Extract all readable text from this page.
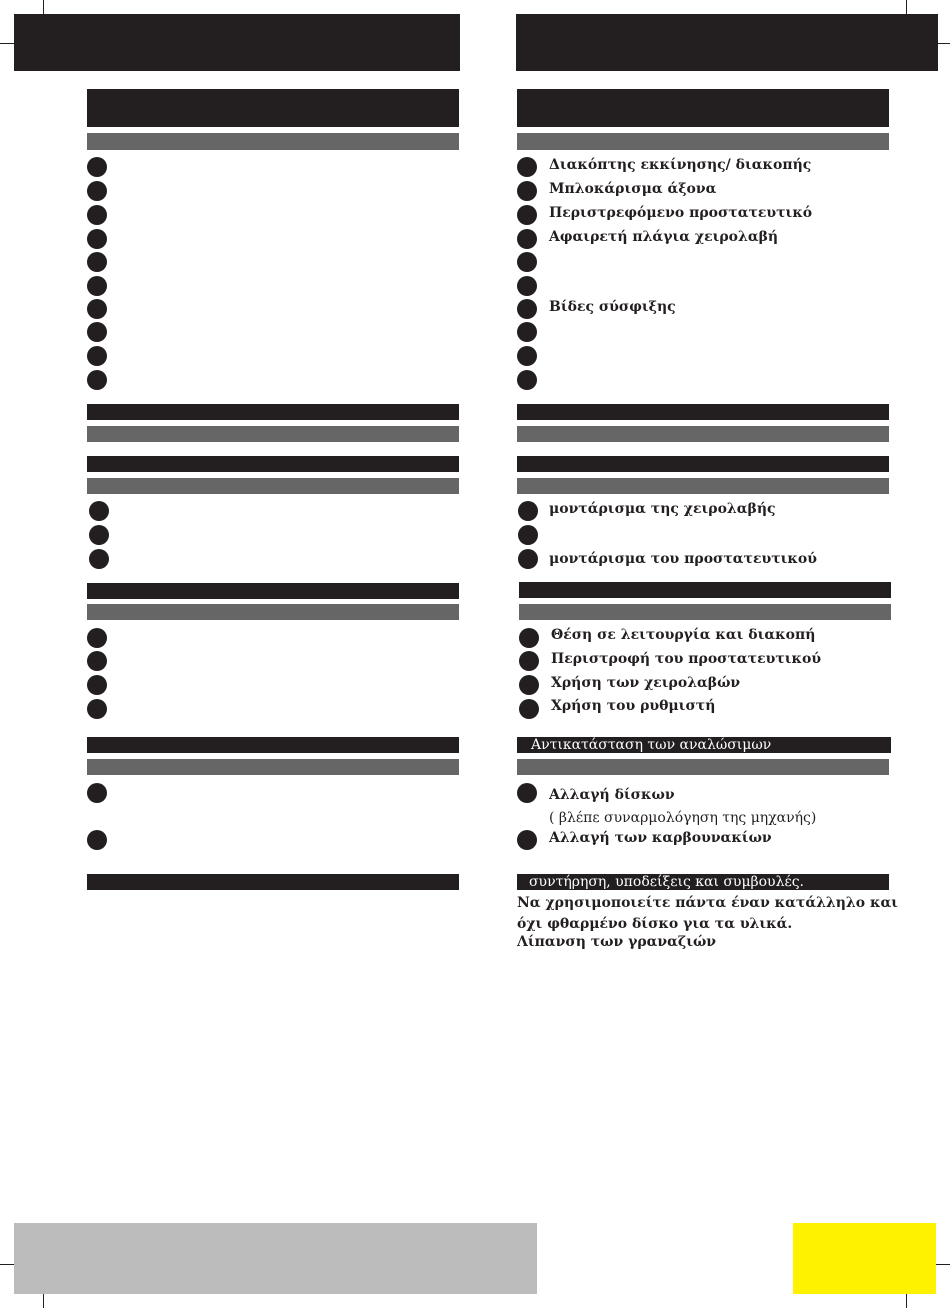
Διακόπτης εκκίνησης/ διακοπής
Μπλοκάρισμα άξονα
Περιστρεφόμενο προστατευτικό
Αφαιρετή πλάγια χειρολαβή
Βίδες σύσφιξης
μοντάρισμα της χειρολαβής
μοντάρισμα του προστατευτικού
Θέση σε λειτουργία και διακοπή
Περιστροφή του προστατευτικού
Χρήση των χειρολαβών
Χρήση του ρυθμιστή
Αντικατάσταση των αναλώσιμων
Αλλαγή δίσκων
( βλέπε συναρμολόγηση της μηχανής)
Αλλαγή των καρβουνακίων
συντήρηση, υποδείξεις και συμβουλές.
Να χρησιμοποιείτε πάντα έναν κατάλληλο και
όχι φθαρμένο δίσκο για τα υλικά.
Λίπανση των γραναζιών
